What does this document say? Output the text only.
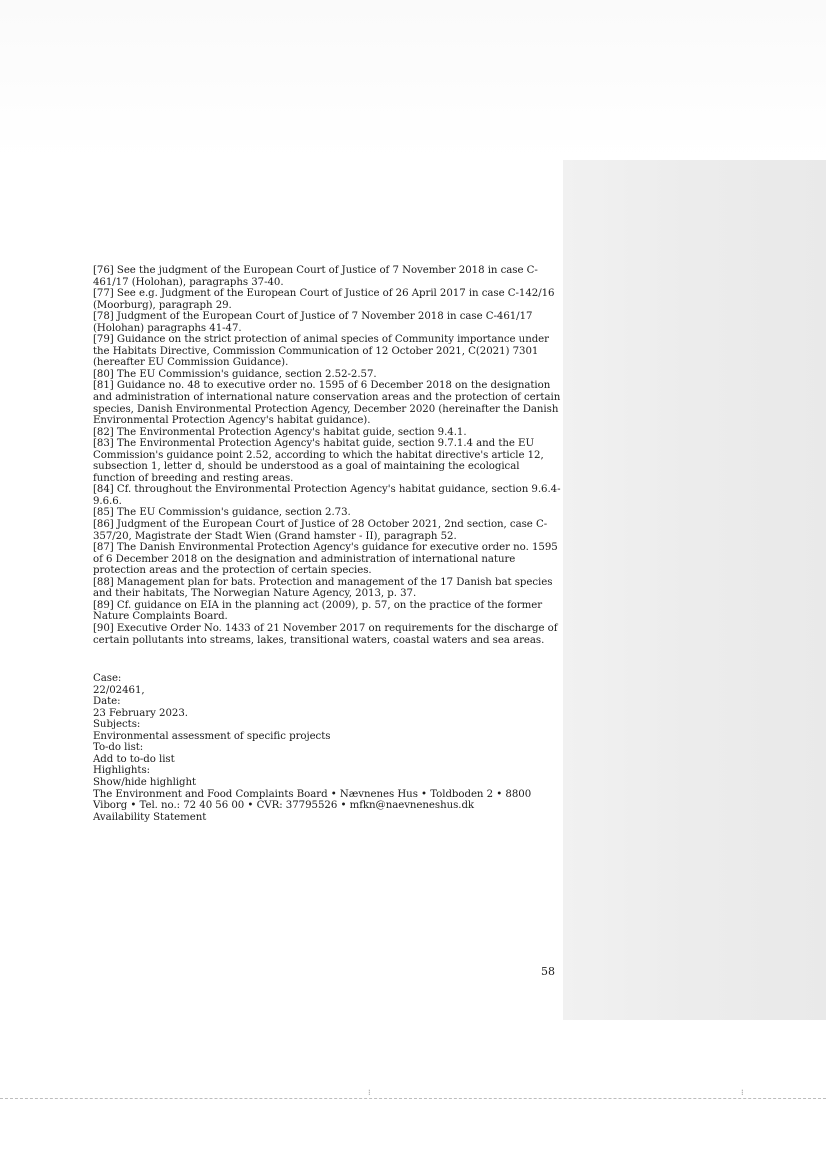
[76] See the judgment of the European Court of Justice of 7 November 2018 in case C-461/17 (Holohan), paragraphs 37-40.

[77] See e.g. Judgment of the European Court of Justice of 26 April 2017 in case C-142/16 (Moorburg), paragraph 29.

[78] Judgment of the European Court of Justice of 7 November 2018 in case C-461/17 (Holohan) paragraphs 41-47.

[79] Guidance on the strict protection of animal species of Community importance under the Habitats Directive, Commission Communication of 12 October 2021, C(2021) 7301 (hereafter EU Commission Guidance).

[80] The EU Commission's guidance, section 2.52-2.57.

[81] Guidance no. 48 to executive order no. 1595 of 6 December 2018 on the designation and administration of international nature conservation areas and the protection of certain species, Danish Environmental Protection Agency, December 2020 (hereinafter the Danish Environmental Protection Agency's habitat guidance).

[82] The Environmental Protection Agency's habitat guide, section 9.4.1.

[83] The Environmental Protection Agency's habitat guide, section 9.7.1.4 and the EU Commission's guidance point 2.52, according to which the habitat directive's article 12, subsection 1, letter d, should be understood as a goal of maintaining the ecological function of breeding and resting areas.

[84] Cf. throughout the Environmental Protection Agency's habitat guidance, section 9.6.4-9.6.6.

[85] The EU Commission's guidance, section 2.73.

[86] Judgment of the European Court of Justice of 28 October 2021, 2nd section, case C-357/20, Magistrate der Stadt Wien (Grand hamster - II), paragraph 52.

[87] The Danish Environmental Protection Agency's guidance for executive order no. 1595 of 6 December 2018 on the designation and administration of international nature protection areas and the protection of certain species.

[88] Management plan for bats. Protection and management of the 17 Danish bat species and their habitats, The Norwegian Nature Agency, 2013, p. 37.

[89] Cf. guidance on EIA in the planning act (2009), p. 57, on the practice of the former Nature Complaints Board.

[90] Executive Order No. 1433 of 21 November 2017 on requirements for the discharge of certain pollutants into streams, lakes, transitional waters, coastal waters and sea areas.

Case:

22/02461,

Date:

23 February 2023.

Subjects:

Environmental assessment of specific projects

To-do list:

Add to to-do list

Highlights:

Show/hide highlight

The Environment and Food Complaints Board • Nævnenes Hus • Toldboden 2 • 8800 Viborg • Tel. no.: 72 40 56 00 • CVR: 37795526 • mfkn@naevneneshus.dk

Availability Statement

58
⁝	⁝
